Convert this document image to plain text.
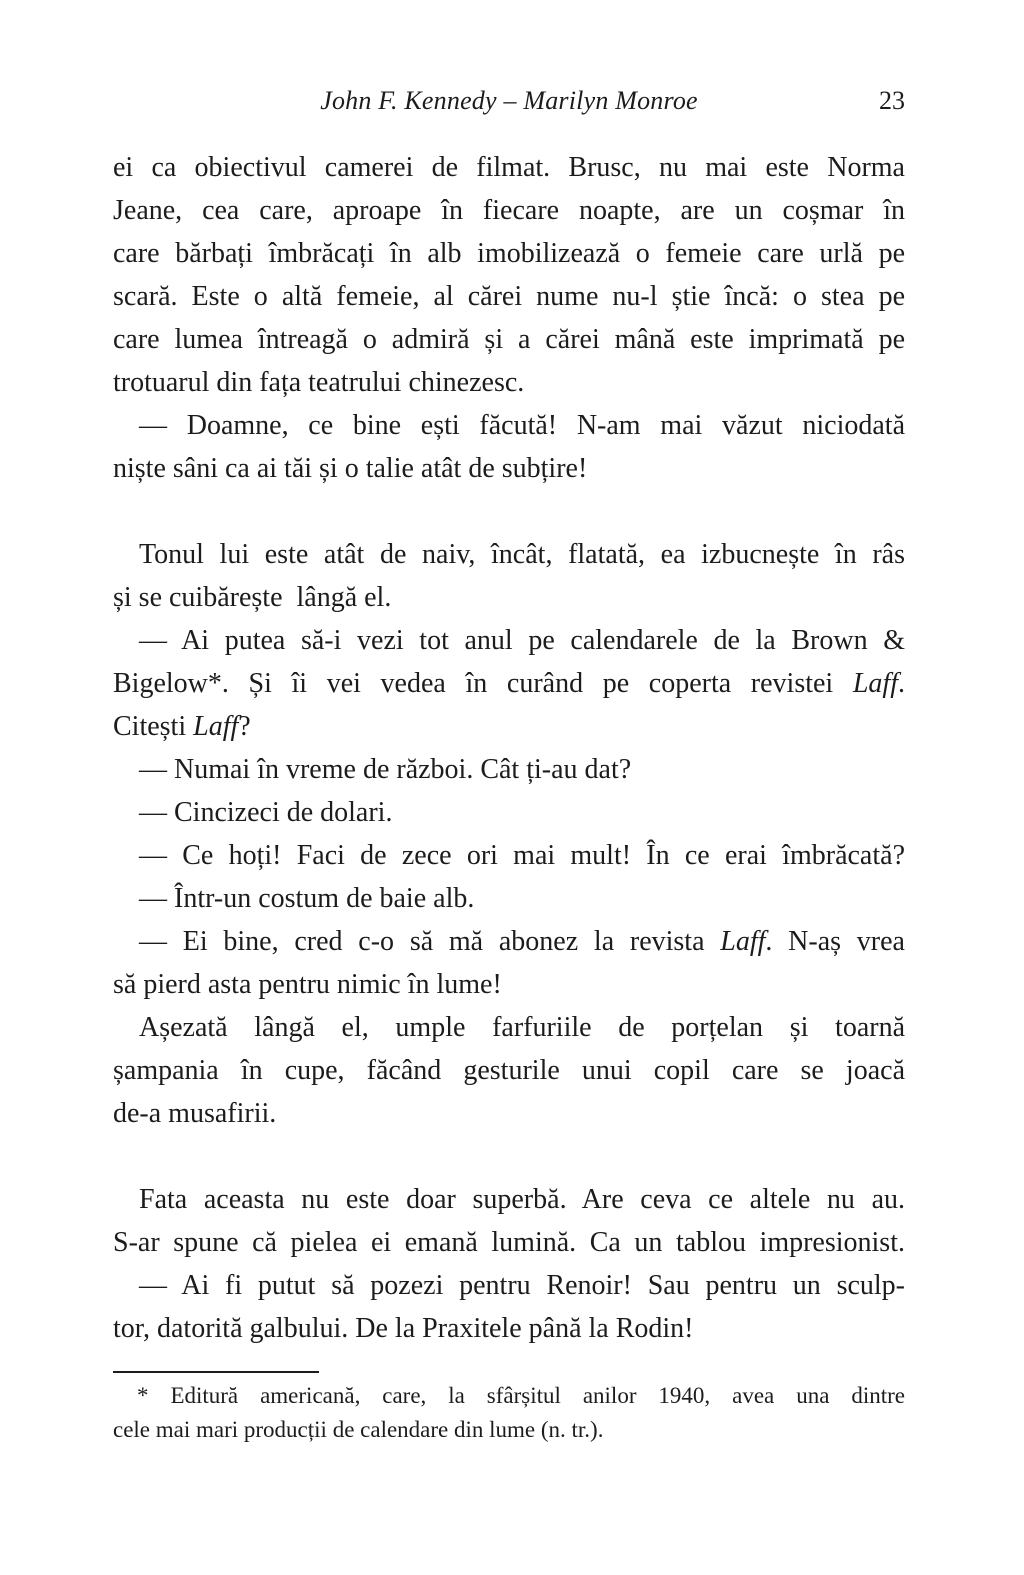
John F. Kennedy – Marilyn Monroe	23
ei ca obiectivul camerei de filmat. Brusc, nu mai este Norma
Jeane, cea care, aproape în fiecare noapte, are un coșmar în
care bărbați îmbrăcați în alb imobilizează o femeie care urlă pe
scară. Este o altă femeie, al cărei nume nu-l știe încă: o stea pe
care lumea întreagă o admiră și a cărei mână este imprimată pe
trotuarul din fața teatrului chinezesc.
— Doamne, ce bine ești făcută! N-am mai văzut niciodată
niște sâni ca ai tăi și o talie atât de subțire!
Tonul lui este atât de naiv, încât, flatată, ea izbucnește în râs
și se cuibărește  lângă el.
— Ai putea să-i vezi tot anul pe calendarele de la Brown &
Bigelow*. Și îi vei vedea în curând pe coperta revistei Laff.
Citești Laff?
— Numai în vreme de război. Cât ți-au dat?
— Cincizeci de dolari.
— Ce hoți! Faci de zece ori mai mult! În ce erai îmbrăcată?
— Într-un costum de baie alb.
— Ei bine, cred c-o să mă abonez la revista Laff. N-aș vrea
să pierd asta pentru nimic în lume!
Așezată lângă el, umple farfuriile de porțelan și toarnă
șampania în cupe, făcând gesturile unui copil care se joacă
de-a musafirii.
Fata aceasta nu este doar superbă. Are ceva ce altele nu au.
S-ar spune că pielea ei emană lumină. Ca un tablou impresionist.
— Ai fi putut să pozezi pentru Renoir! Sau pentru un sculp-
tor, datorită galbului. De la Praxitele până la Rodin!
* Editură americană, care, la sfârșitul anilor 1940, avea una dintre
cele mai mari producții de calendare din lume (n. tr.).
